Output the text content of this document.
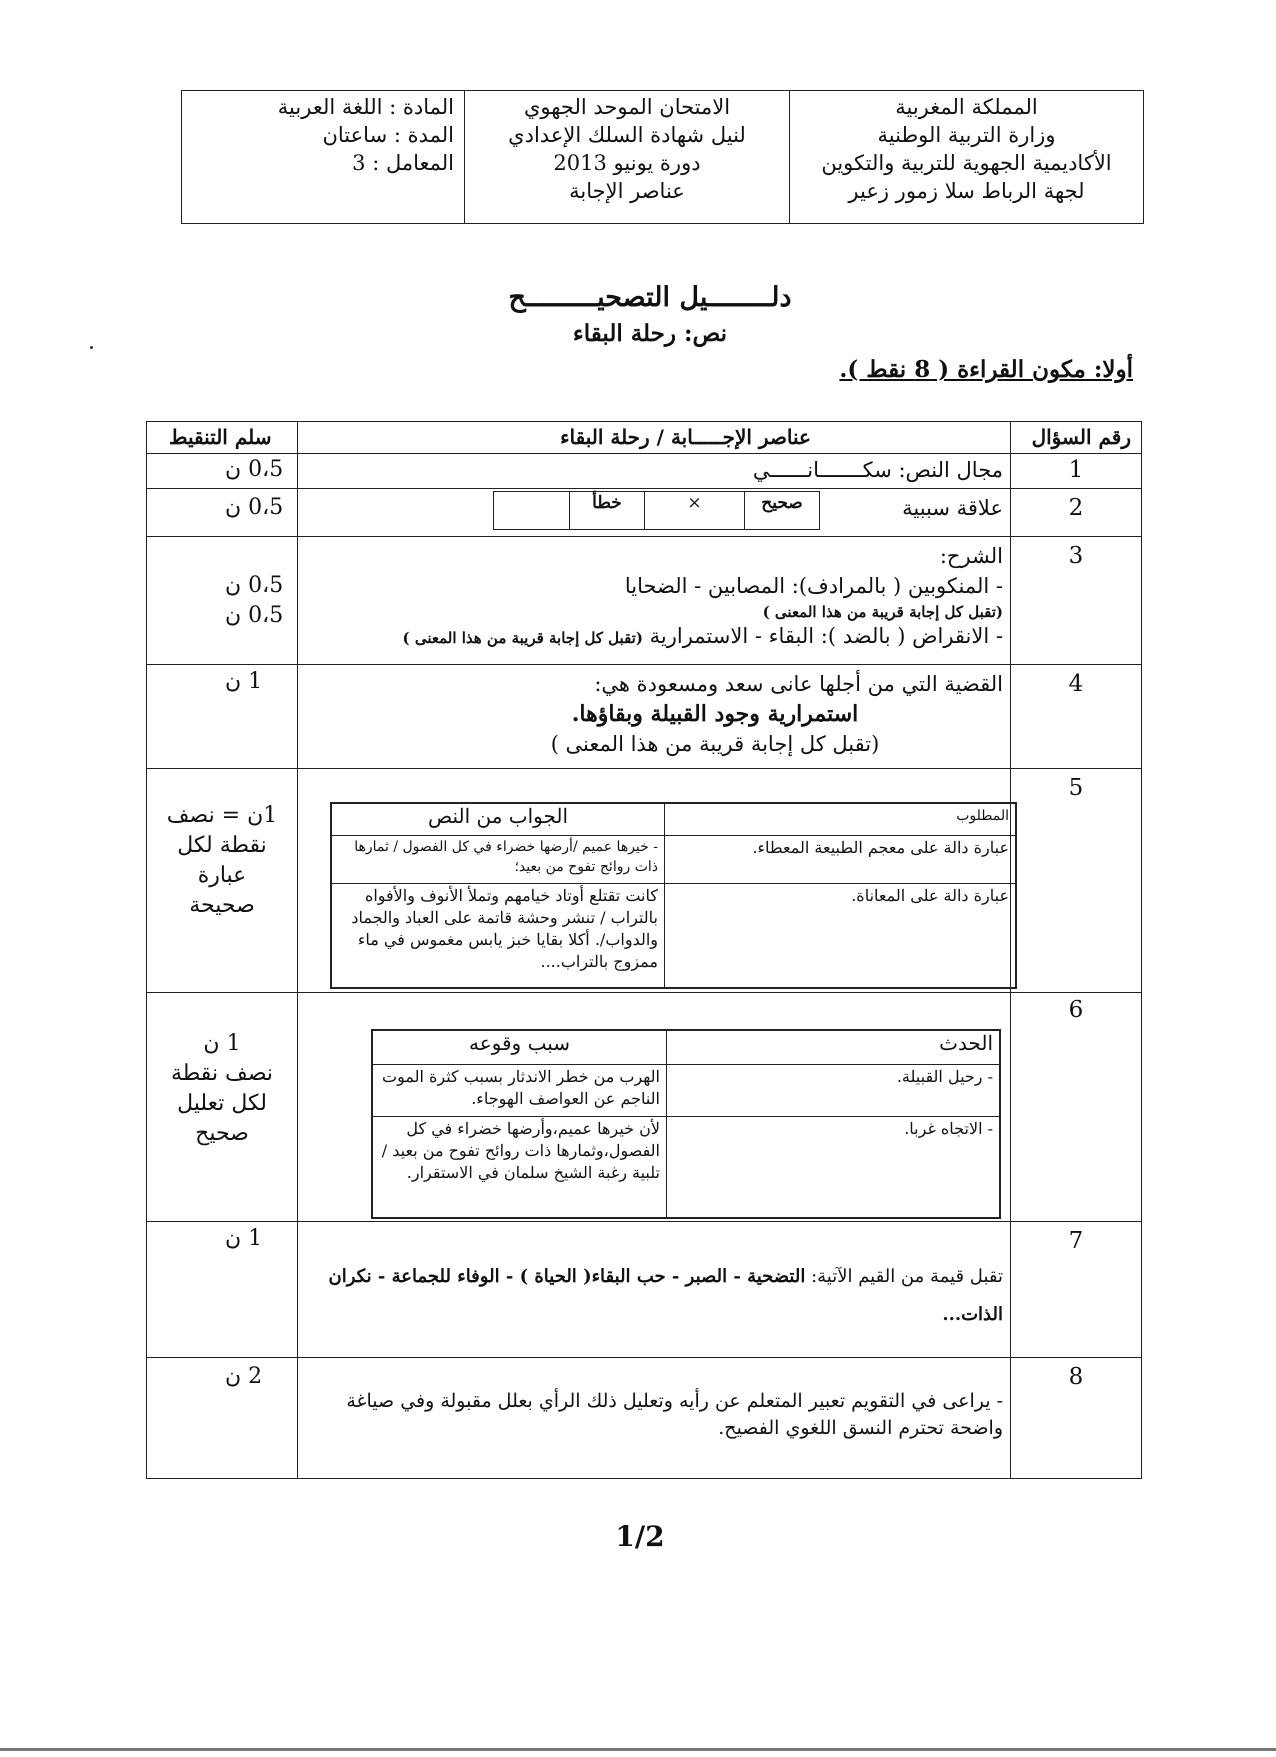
المملكة المغربية
وزارة التربية الوطنية
الأكاديمية الجهوية للتربية والتكوين
لجهة الرباط سلا زمور زعير
الامتحان الموحد الجهوي
لنيل شهادة السلك الإعدادي
دورة يونيو 2013
عناصر الإجابة
المادة : اللغة العربية
المدة : ساعتان
المعامل : 3
دلــــــــيل التصحيـــــــــح
نص: رحلة البقاء
أولا: مكون القراءة ( 8 نقط ).
رقم السؤال
عناصر الإجـــــابة / رحلة البقاء
سلم التنقيط
1
مجال النص: سكـــــــانــــــي
0،5 ن
2
علاقة سببية
صحيح
×
خطأ
0،5 ن
3
الشرح:
- المنكوبين ( بالمرادف): المصابين - الضحايا
(تقبل كل إجابة قريبة من هذا المعنى )
- الانقراض ( بالضد ): البقاء - الاستمرارية (تقبل كل إجابة قريبة من هذا المعنى )
0،5 ن
0،5 ن
4
القضية التي من أجلها عانى سعد ومسعودة هي:
استمرارية وجود القبيلة وبقاؤها.
(تقبل كل إجابة قريبة من هذا المعنى )
1 ن
5
1ن = نصف
نقطة لكل
عبارة
صحيحة
المطلوب	الجواب من النص
عبارة دالة على معجم الطبيعة المعطاء.	- خيرها عميم /أرضها خضراء في كل الفصول / ثمارها ذات روائح تفوح من بعيد؛
عبارة دالة على المعاناة.	كانت تقتلع أوتاد خيامهم وتملأ الأنوف والأفواه بالتراب / تنشر وحشة قاتمة على العباد والجماد والدواب/. أكلا بقايا خبز يابس مغموس في ماء ممزوج بالتراب....
6
1 ن
نصف نقطة
لكل تعليل
صحيح
الحدث	سبب وقوعه
- رحيل القبيلة.	الهرب من خطر الاندثار بسبب كثرة الموت الناجم عن العواصف الهوجاء.
- الاتجاه غربا.	لأن خيرها عميم،وأرضها خضراء في كل الفصول،وثمارها ذات روائح تفوح من بعيد / تلبية رغبة الشيخ سلمان في الاستقرار.
7
تقبل قيمة من القيم الآتية: التضحية - الصبر - حب البقاء( الحياة ) - الوفاء للجماعة - نكران الذات...
1 ن
8
- يراعى في التقويم تعبير المتعلم عن رأيه وتعليل ذلك الرأي بعلل مقبولة وفي صياغة واضحة تحترم النسق اللغوي الفصيح.
2 ن
1/2
